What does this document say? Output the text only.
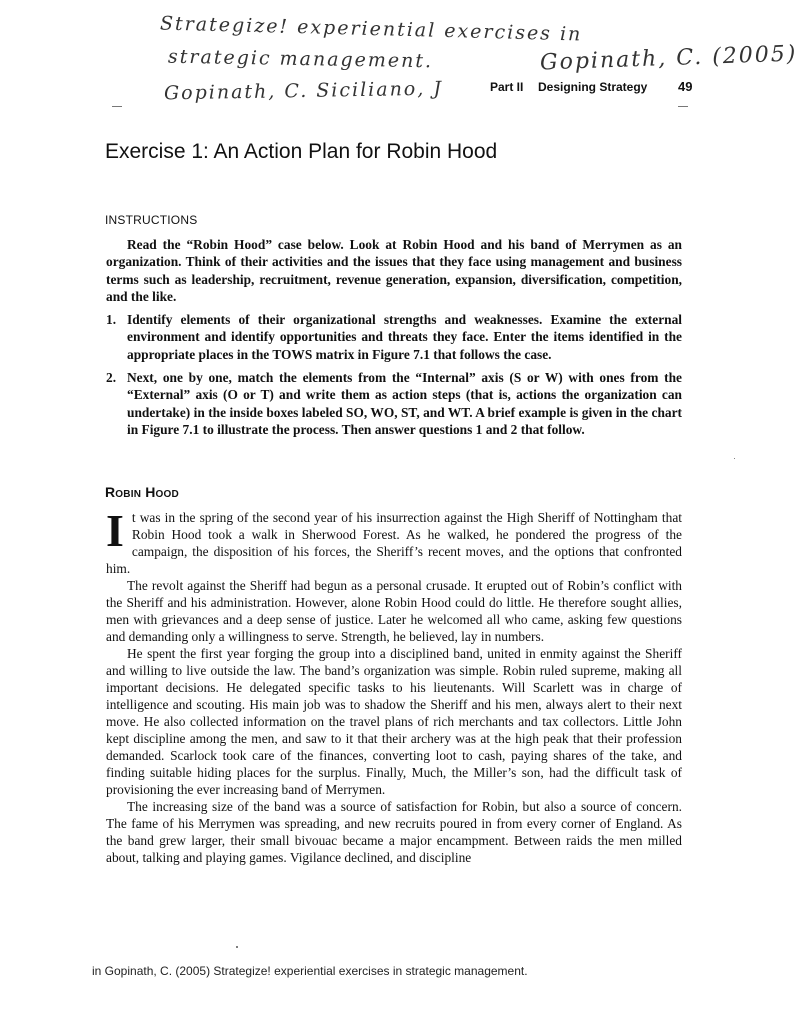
Strategize! experiential exercises in
strategic management.	Gopinath, C. (2005)
Gopinath, C. Siciliano, J	Part II Designing Strategy 49
Exercise 1: An Action Plan for Robin Hood
INSTRUCTIONS

Read the “Robin Hood” case below. Look at Robin Hood and his band of Merrymen as an organization. Think of their activities and the issues that they face using management and business terms such as leadership, recruitment, revenue generation, expansion, diversification, competition, and the like.

1. Identify elements of their organizational strengths and weaknesses. Examine the external environment and identify opportunities and threats they face. Enter the items identified in the appropriate places in the TOWS matrix in Figure 7.1 that follows the case.
2. Next, one by one, match the elements from the “Internal” axis (S or W) with ones from the “External” axis (O or T) and write them as action steps (that is, actions the organization can undertake) in the inside boxes labeled SO, WO, ST, and WT. A brief example is given in the chart in Figure 7.1 to illustrate the process. Then answer questions 1 and 2 that follow.
Robin Hood

It was in the spring of the second year of his insurrection against the High Sheriff of Nottingham that Robin Hood took a walk in Sherwood Forest. As he walked, he pondered the progress of the campaign, the disposition of his forces, the Sheriff’s recent moves, and the options that confronted him.

The revolt against the Sheriff had begun as a personal crusade. It erupted out of Robin’s conflict with the Sheriff and his administration. However, alone Robin Hood could do little. He therefore sought allies, men with grievances and a deep sense of justice. Later he welcomed all who came, asking few questions and demanding only a willingness to serve. Strength, he believed, lay in numbers.

He spent the first year forging the group into a disciplined band, united in enmity against the Sheriff and willing to live outside the law. The band’s organization was simple. Robin ruled supreme, making all important decisions. He delegated specific tasks to his lieutenants. Will Scarlett was in charge of intelligence and scouting. His main job was to shadow the Sheriff and his men, always alert to their next move. He also collected information on the travel plans of rich merchants and tax collectors. Little John kept discipline among the men, and saw to it that their archery was at the high peak that their profession demanded. Scarlock took care of the finances, converting loot to cash, paying shares of the take, and finding suitable hiding places for the surplus. Finally, Much, the Miller’s son, had the difficult task of provisioning the ever increasing band of Merrymen.

The increasing size of the band was a source of satisfaction for Robin, but also a source of concern. The fame of his Merrymen was spreading, and new recruits poured in from every corner of England. As the band grew larger, their small bivouac became a major encampment. Between raids the men milled about, talking and playing games. Vigilance declined, and discipline

in Gopinath, C. (2005) Strategize! experiential exercises in strategic management.
